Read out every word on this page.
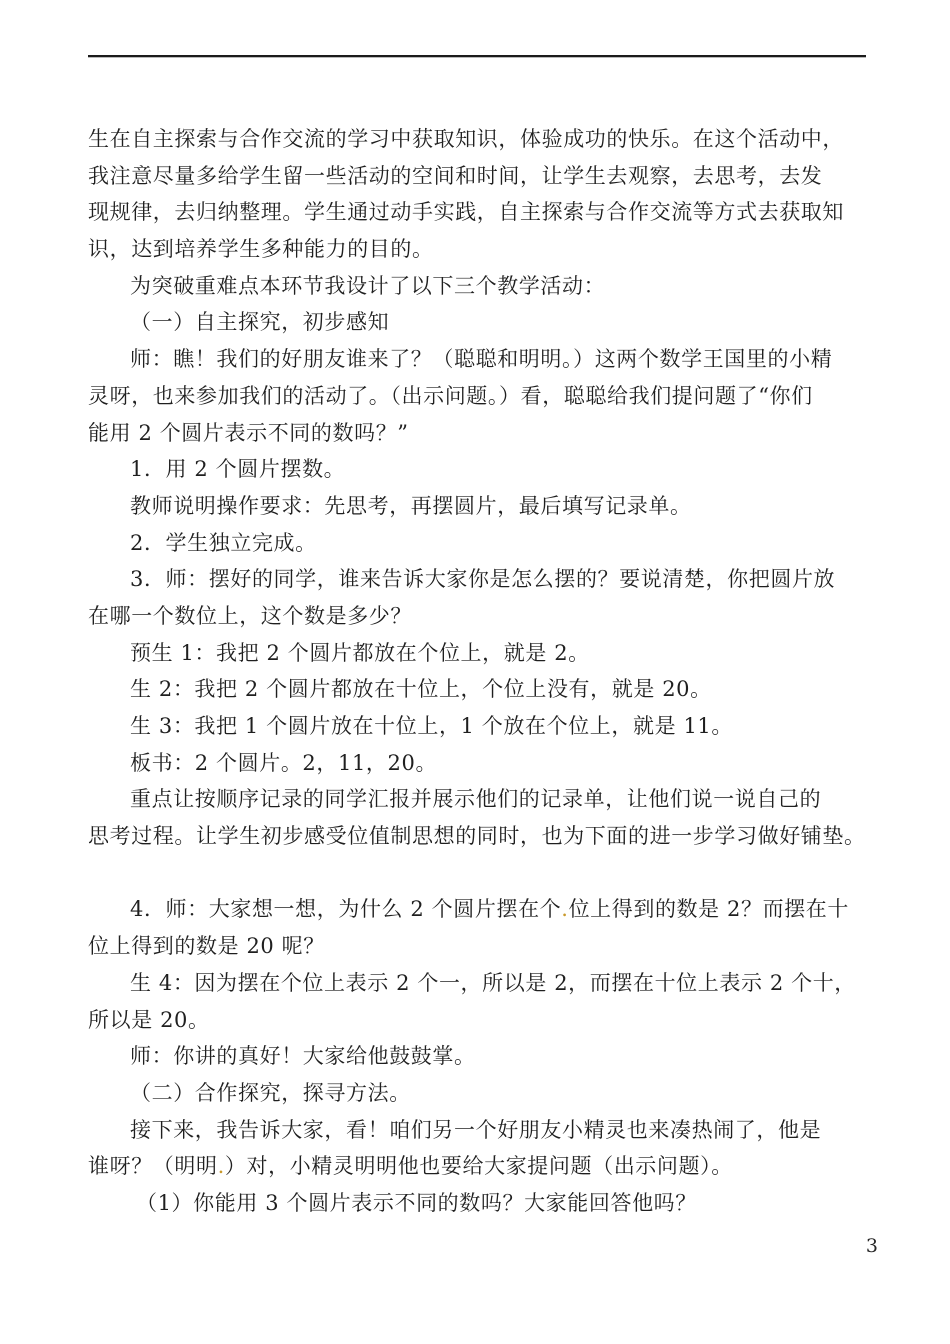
生在自主探索与合作交流的学习中获取知识，体验成功的快乐。在这个活动中，
我注意尽量多给学生留一些活动的空间和时间，让学生去观察，去思考，去发
现规律，去归纳整理。学生通过动手实践，自主探索与合作交流等方式去获取知
识，达到培养学生多种能力的目的。
为突破重难点本环节我设计了以下三个教学活动：
（一）自主探究，初步感知
师：瞧！我们的好朋友谁来了？（聪聪和明明。）这两个数学王国里的小精
灵呀，也来参加我们的活动了。（出示问题。）看，聪聪给我们提问题了“你们
能用 2 个圆片表示不同的数吗？”
1．用 2 个圆片摆数。
教师说明操作要求：先思考，再摆圆片，最后填写记录单。
2．学生独立完成。
3．师：摆好的同学，谁来告诉大家你是怎么摆的？要说清楚，你把圆片放
在哪一个数位上，这个数是多少？
预生 1：我把 2 个圆片都放在个位上，就是 2。
生 2：我把 2 个圆片都放在十位上，个位上没有，就是 20。
生 3：我把 1 个圆片放在十位上，1 个放在个位上，就是 11。
板书：2 个圆片。2，11，20。
重点让按顺序记录的同学汇报并展示他们的记录单，让他们说一说自己的
思考过程。让学生初步感受位值制思想的同时，也为下面的进一步学习做好铺垫。

4．师：大家想一想，为什么 2 个圆片摆在个.位上得到的数是 2？而摆在十
位上得到的数是 20 呢？
生 4：因为摆在个位上表示 2 个一，所以是 2，而摆在十位上表示 2 个十，
所以是 20。
师：你讲的真好！大家给他鼓鼓掌。
（二）合作探究，探寻方法。
接下来，我告诉大家，看！咱们另一个好朋友小精灵也来凑热闹了，他是
谁呀？（明明.）对，小精灵明明他也要给大家提问题（出示问题）。
（1）你能用 3 个圆片表示不同的数吗？大家能回答他吗？
3
